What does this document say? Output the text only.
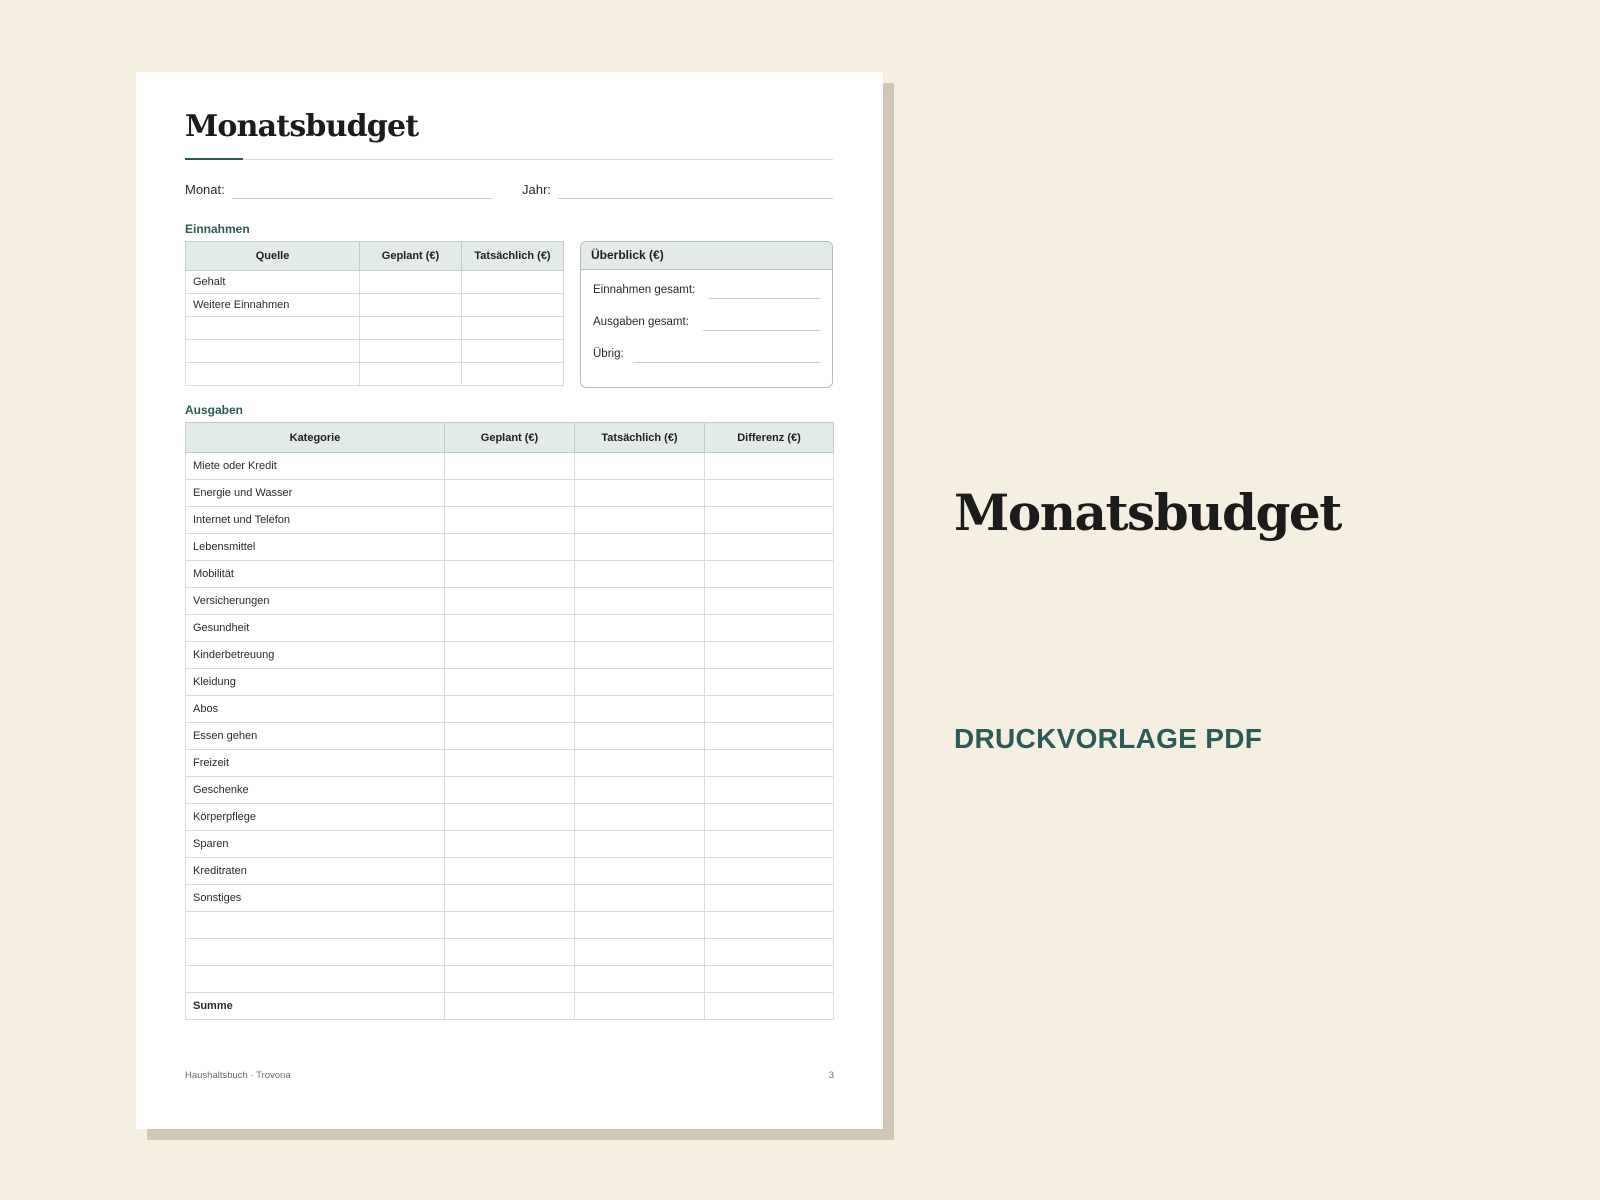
Monatsbudget
Monat:	Jahr:
Einnahmen
Quelle	Geplant (€)	Tatsächlich (€)
Gehalt		
Weitere Einnahmen		

Überblick (€)
Einnahmen gesamt:
Ausgaben gesamt:
Übrig:
Ausgaben
Kategorie	Geplant (€)	Tatsächlich (€)	Differenz (€)
Miete oder Kredit			
Energie und Wasser			
Internet und Telefon			
Lebensmittel			
Mobilität			
Versicherungen			
Gesundheit			
Kinderbetreuung			
Kleidung			
Abos			
Essen gehen			
Freizeit			
Geschenke			
Körperpflege			
Sparen			
Kreditraten			
Sonstiges			

Summe			
Haushaltsbuch · Trovona	3
Monatsbudget
DRUCKVORLAGE PDF
